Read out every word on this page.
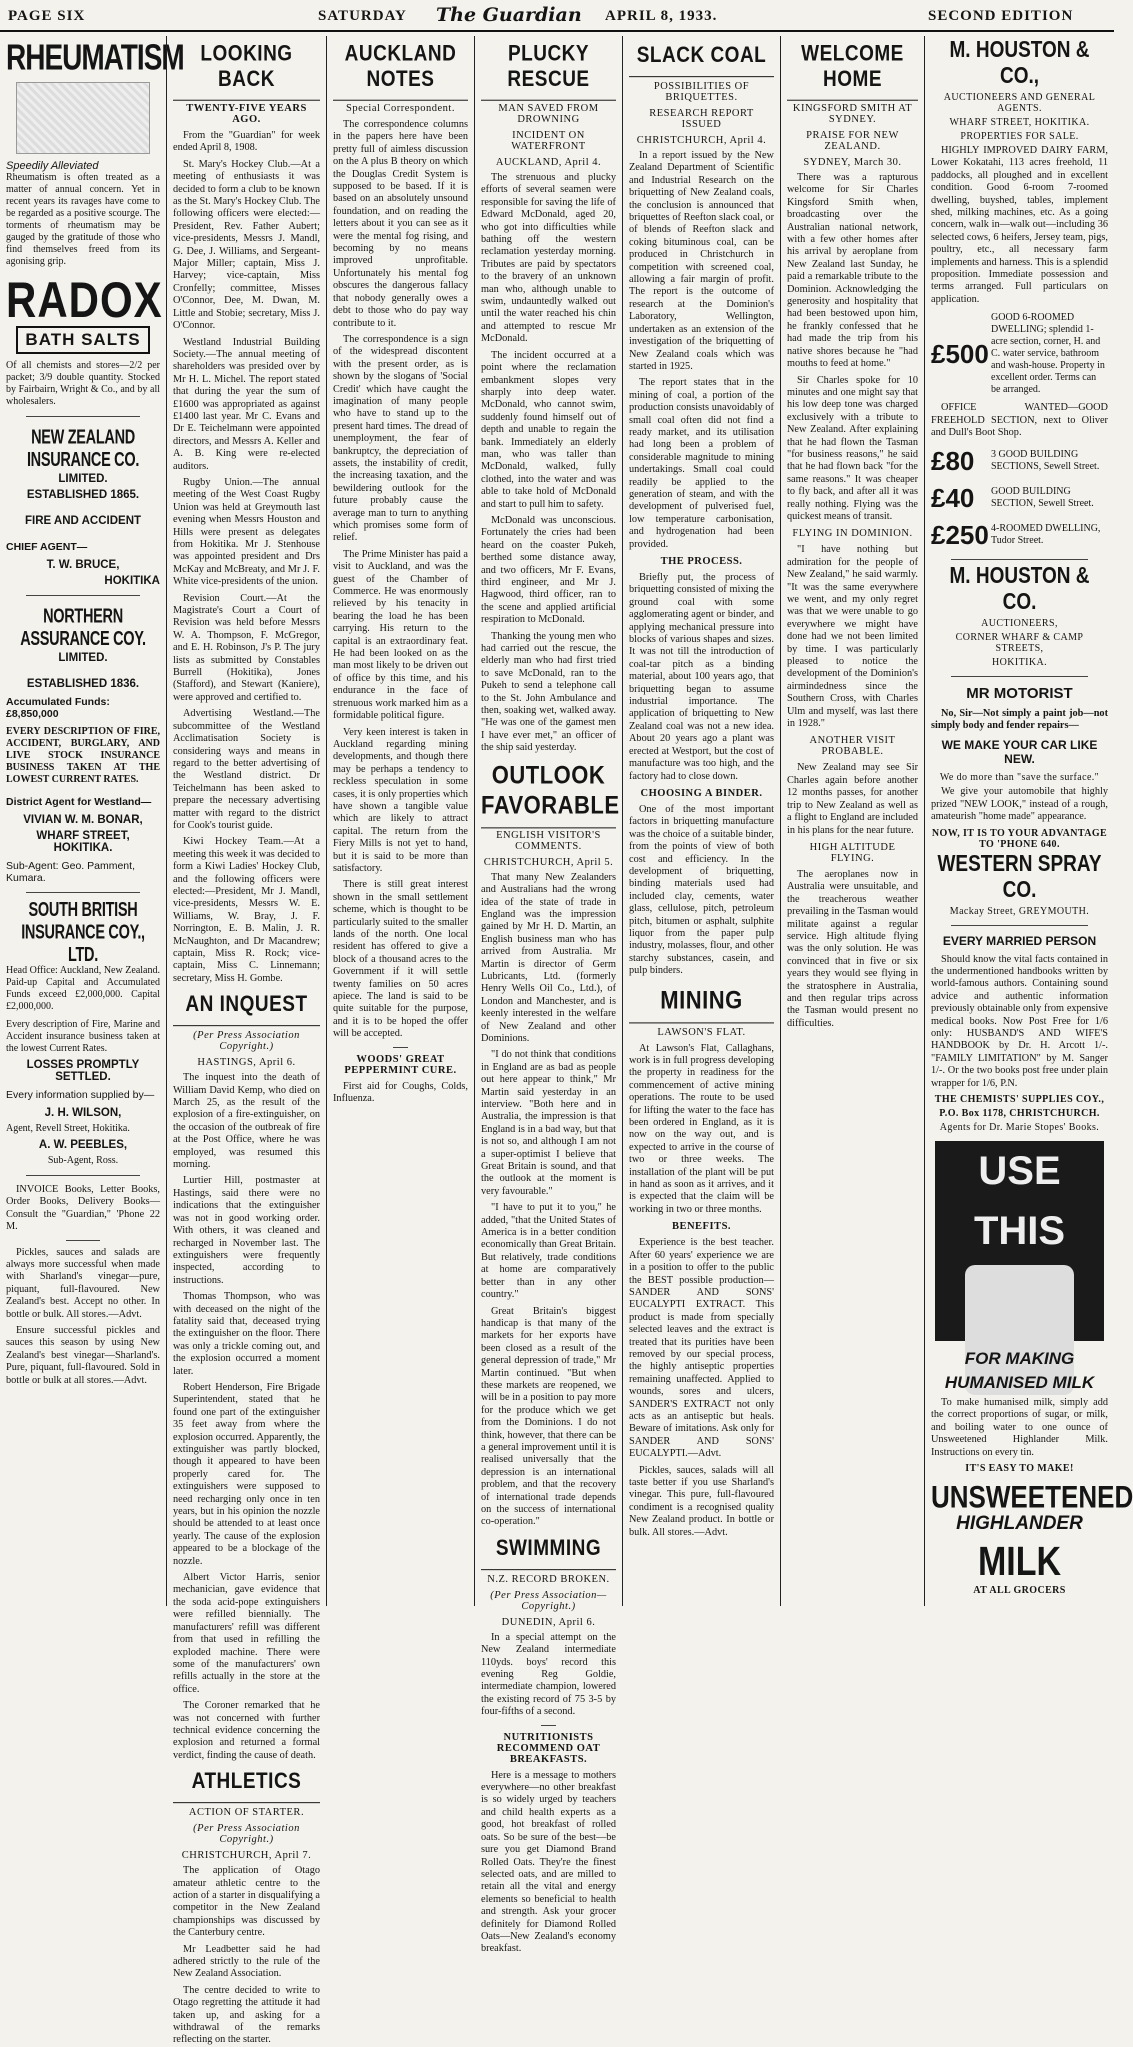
PAGE SIX	SATURDAY The Guardian APRIL 8, 1933.	SECOND EDITION
RHEUMATISM
Speedily Alleviated
Rheumatism is often treated as a matter of annual concern. Yet in recent years its ravages have come to be regarded as a positive scourge. The torments of rheumatism may be gauged by the gratitude of those who find themselves freed from its agonising grip.
RADOX
BATH SALTS
Of all chemists and stores—2/2 per packet; 3/9 double quantity. Stocked by Fairbairn, Wright & Co., and by all wholesalers.
NEW ZEALAND INSURANCE CO.
LIMITED.
ESTABLISHED 1865.
FIRE AND ACCIDENT
CHIEF AGENT—
T. W. BRUCE,
HOKITIKA
NORTHERN ASSURANCE COY.
LIMITED.
ESTABLISHED 1836.
Accumulated Funds: £8,850,000
EVERY DESCRIPTION OF FIRE, ACCIDENT, BURGLARY, AND LIVE STOCK INSURANCE BUSINESS TAKEN AT THE LOWEST CURRENT RATES.
District Agent for Westland—
VIVIAN W. M. BONAR,
WHARF STREET, HOKITIKA.
Sub-Agent: Geo. Pamment, Kumara.
SOUTH BRITISH INSURANCE COY., LTD.
Head Office: Auckland, New Zealand. Paid-up Capital and Accumulated Funds exceed £2,000,000. Capital £2,000,000.
Every description of Fire, Marine and Accident insurance business taken at the lowest Current Rates.
LOSSES PROMPTLY SETTLED.
Every information supplied by—
J. H. WILSON,
Agent, Revell Street, Hokitika.
A. W. PEEBLES,
Sub-Agent, Ross.

INVOICE Books, Letter Books, Order Books, Delivery Books—Consult the "Guardian," 'Phone 22 M.

Pickles, sauces and salads are always more successful when made with Sharland's vinegar—pure, piquant, full-flavoured. New Zealand's best. Accept no other. In bottle or bulk. All stores.—Advt.

Ensure successful pickles and sauces this season by using New Zealand's best vinegar—Sharland's. Pure, piquant, full-flavoured. Sold in bottle or bulk at all stores.—Advt.

LOOKING BACK
TWENTY-FIVE YEARS AGO.

From the "Guardian" for week ended April 8, 1908.

St. Mary's Hockey Club.—At a meeting of enthusiasts it was decided to form a club to be known as the St. Mary's Hockey Club. The following officers were elected:—President, Rev. Father Aubert; vice-presidents, Messrs J. Mandl, G. Dee, J. Williams, and Sergeant-Major Miller; captain, Miss J. Harvey; vice-captain, Miss Cronfelly; committee, Misses O'Connor, Dee, M. Dwan, M. Little and Stobie; secretary, Miss J. O'Connor.

Westland Industrial Building Society.—The annual meeting of shareholders was presided over by Mr H. L. Michel. The report stated that during the year the sum of £1600 was appropriated as against £1400 last year. Mr C. Evans and Dr E. Teichelmann were appointed directors, and Messrs A. Keller and A. B. King were re-elected auditors.

Rugby Union.—The annual meeting of the West Coast Rugby Union was held at Greymouth last evening when Messrs Houston and Hills were present as delegates from Hokitika. Mr J. Stenhouse was appointed president and Drs McKay and McBreaty, and Mr J. F. White vice-presidents of the union.

Revision Court.—At the Magistrate's Court a Court of Revision was held before Messrs W. A. Thompson, F. McGregor, and E. H. Robinson, J's P. The jury lists as submitted by Constables Burrell (Hokitika), Jones (Stafford), and Stewart (Kaniere), were approved and certified to.

Advertising Westland.—The subcommittee of the Westland Acclimatisation Society is considering ways and means in regard to the better advertising of the Westland district. Dr Teichelmann has been asked to prepare the necessary advertising matter with regard to the district for Cook's tourist guide.

Kiwi Hockey Team.—At a meeting this week it was decided to form a Kiwi Ladies' Hockey Club, and the following officers were elected:—President, Mr J. Mandl, vice-presidents, Messrs W. E. Williams, W. Bray, J. F. Norrington, E. B. Malin, J. R. McNaughton, and Dr Macandrew; captain, Miss R. Rock; vice-captain, Miss C. Linnemann; secretary, Miss H. Gombe.

AN INQUEST
(Per Press Association Copyright.)
HASTINGS, April 6.

The inquest into the death of William David Kemp, who died on March 25, as the result of the explosion of a fire-extinguisher, on the occasion of the outbreak of fire at the Post Office, where he was employed, was resumed this morning.

Lurtier Hill, postmaster at Hastings, said there were no indications that the extinguisher was not in good working order. With others, it was cleaned and recharged in November last. The extinguishers were frequently inspected, according to instructions.

Thomas Thompson, who was with deceased on the night of the fatality said that, deceased trying the extinguisher on the floor. There was only a trickle coming out, and the explosion occurred a moment later.

Robert Henderson, Fire Brigade Superintendent, stated that he found one part of the extinguisher 35 feet away from where the explosion occurred. Apparently, the extinguisher was partly blocked, though it appeared to have been properly cared for. The extinguishers were supposed to need recharging only once in ten years, but in his opinion the nozzle should be attended to at least once yearly. The cause of the explosion appeared to be a blockage of the nozzle.

Albert Victor Harris, senior mechanician, gave evidence that the soda acid-pope extinguishers were refilled biennially. The manufacturers' refill was different from that used in refilling the exploded machine. There were some of the manufacturers' own refills actually in the store at the office.

The Coroner remarked that he was not concerned with further technical evidence concerning the explosion and returned a formal verdict, finding the cause of death.

ATHLETICS
ACTION OF STARTER.
(Per Press Association Copyright.)
CHRISTCHURCH, April 7.

The application of Otago amateur athletic centre to the action of a starter in disqualifying a competitor in the New Zealand championships was discussed by the Canterbury centre.

Mr Leadbetter said he had adhered strictly to the rule of the New Zealand Association.

The centre decided to write to Otago regretting the attitude it had taken up, and asking for a withdrawal of the remarks reflecting on the starter.

AUCKLAND NOTES
Special Correspondent.

The correspondence columns in the papers here have been pretty full of aimless discussion on the A plus B theory on which the Douglas Credit System is supposed to be based. If it is based on an absolutely unsound foundation, and on reading the letters about it you can see as it were the mental fog rising, and becoming by no means improved unprofitable. Unfortunately his mental fog obscures the dangerous fallacy that nobody generally owes a debt to those who do pay way contribute to it.

The correspondence is a sign of the widespread discontent with the present order, as is shown by the slogans of 'Social Credit' which have caught the imagination of many people who have to stand up to the present hard times. The dread of unemployment, the fear of bankruptcy, the depreciation of assets, the instability of credit, the increasing taxation, and the bewildering outlook for the future probably cause the average man to turn to anything which promises some form of relief.

The Prime Minister has paid a visit to Auckland, and was the guest of the Chamber of Commerce. He was enormously relieved by his tenacity in bearing the load he has been carrying. His return to the capital is an extraordinary feat. He had been looked on as the man most likely to be driven out of office by this time, and his endurance in the face of strenuous work marked him as a formidable political figure.

Very keen interest is taken in Auckland regarding mining developments, and though there may be perhaps a tendency to reckless speculation in some cases, it is only properties which have shown a tangible value which are likely to attract capital. The return from the Fiery Mills is not yet to hand, but it is said to be more than satisfactory.

There is still great interest shown in the small settlement scheme, which is thought to be particularly suited to the smaller lands of the north. One local resident has offered to give a block of a thousand acres to the Government if it will settle twenty families on 50 acres apiece. The land is said to be quite suitable for the purpose, and it is to be hoped the offer will be accepted.

WOODS' GREAT PEPPERMINT CURE.

First aid for Coughs, Colds, Influenza.

PLUCKY RESCUE
MAN SAVED FROM DROWNING
INCIDENT ON WATERFRONT
AUCKLAND, April 4.

The strenuous and plucky efforts of several seamen were responsible for saving the life of Edward McDonald, aged 20, who got into difficulties while bathing off the western reclamation yesterday morning. Tributes are paid by spectators to the bravery of an unknown man who, although unable to swim, undauntedly walked out until the water reached his chin and attempted to rescue Mr McDonald.

The incident occurred at a point where the reclamation embankment slopes very sharply into deep water. McDonald, who cannot swim, suddenly found himself out of depth and unable to regain the bank. Immediately an elderly man, who was taller than McDonald, walked, fully clothed, into the water and was able to take hold of McDonald and start to pull him to safety.

McDonald was unconscious. Fortunately the cries had been heard on the coaster Pukeh, berthed some distance away, and two officers, Mr F. Evans, third engineer, and Mr J. Hagwood, third officer, ran to the scene and applied artificial respiration to McDonald.

Thanking the young men who had carried out the rescue, the elderly man who had first tried to save McDonald, ran to the Pukeh to send a telephone call to the St. John Ambulance and then, soaking wet, walked away. "He was one of the gamest men I have ever met," an officer of the ship said yesterday.

OUTLOOK FAVORABLE
ENGLISH VISITOR'S COMMENTS.
CHRISTCHURCH, April 5.

That many New Zealanders and Australians had the wrong idea of the state of trade in England was the impression gained by Mr H. D. Martin, an English business man who has arrived from Australia. Mr Martin is director of Germ Lubricants, Ltd. (formerly Henry Wells Oil Co., Ltd.), of London and Manchester, and is keenly interested in the welfare of New Zealand and other Dominions.

"I do not think that conditions in England are as bad as people out here appear to think," Mr Martin said yesterday in an interview. "Both here and in Australia, the impression is that England is in a bad way, but that is not so, and although I am not a super-optimist I believe that Great Britain is sound, and that the outlook at the moment is very favourable."

"I have to put it to you," he added, "that the United States of America is in a better condition economically than Great Britain. But relatively, trade conditions at home are comparatively better than in any other country."

Great Britain's biggest handicap is that many of the markets for her exports have been closed as a result of the general depression of trade," Mr Martin continued. "But when these markets are reopened, we will be in a position to pay more for the produce which we get from the Dominions. I do not think, however, that there can be a general improvement until it is realised universally that the depression is an international problem, and that the recovery of international trade depends on the success of international co-operation."

SWIMMING
N.Z. RECORD BROKEN.
(Per Press Association—Copyright.)
DUNEDIN, April 6.

In a special attempt on the New Zealand intermediate 110yds. boys' record this evening Reg Goldie, intermediate champion, lowered the existing record of 75 3-5 by four-fifths of a second.

NUTRITIONISTS RECOMMEND OAT BREAKFASTS.

Here is a message to mothers everywhere—no other breakfast is so widely urged by teachers and child health experts as a good, hot breakfast of rolled oats. So be sure of the best—be sure you get Diamond Brand Rolled Oats. They're the finest selected oats, and are milled to retain all the vital and energy elements so beneficial to health and strength. Ask your grocer definitely for Diamond Rolled Oats—New Zealand's economy breakfast.

SLACK COAL
POSSIBILITIES OF BRIQUETTES.
RESEARCH REPORT ISSUED
CHRISTCHURCH, April 4.

In a report issued by the New Zealand Department of Scientific and Industrial Research on the briquetting of New Zealand coals, the conclusion is announced that briquettes of Reefton slack coal, or of blends of Reefton slack and coking bituminous coal, can be produced in Christchurch in competition with screened coal, allowing a fair margin of profit. The report is the outcome of research at the Dominion's Laboratory, Wellington, undertaken as an extension of the investigation of the briquetting of New Zealand coals which was started in 1925.

The report states that in the mining of coal, a portion of the production consists unavoidably of small coal often did not find a ready market, and its utilisation had long been a problem of considerable magnitude to mining undertakings. Small coal could readily be applied to the generation of steam, and with the development of pulverised fuel, low temperature carbonisation, and hydrogenation had been provided.

THE PROCESS.

Briefly put, the process of briquetting consisted of mixing the ground coal with some agglomerating agent or binder, and applying mechanical pressure into blocks of various shapes and sizes. It was not till the introduction of coal-tar pitch as a binding material, about 100 years ago, that briquetting began to assume industrial importance. The application of briquetting to New Zealand coal was not a new idea. About 20 years ago a plant was erected at Westport, but the cost of manufacture was too high, and the factory had to close down.

CHOOSING A BINDER.

One of the most important factors in briquetting manufacture was the choice of a suitable binder, from the points of view of both cost and efficiency. In the development of briquetting, binding materials used had included clay, cements, water glass, cellulose, pitch, petroleum pitch, bitumen or asphalt, sulphite liquor from the paper pulp industry, molasses, flour, and other starchy substances, casein, and pulp binders.

MINING
LAWSON'S FLAT.

At Lawson's Flat, Callaghans, work is in full progress developing the property in readiness for the commencement of active mining operations. The route to be used for lifting the water to the face has been ordered in England, as it is now on the way out, and is expected to arrive in the course of two or three weeks. The installation of the plant will be put in hand as soon as it arrives, and it is expected that the claim will be working in two or three months.

BENEFITS.

Experience is the best teacher. After 60 years' experience we are in a position to offer to the public the BEST possible production—SANDER AND SONS' EUCALYPTI EXTRACT. This product is made from specially selected leaves and the extract is treated that its purities have been removed by our special process, the highly antiseptic properties remaining unaffected. Applied to wounds, sores and ulcers, SANDER'S EXTRACT not only acts as an antiseptic but heals. Beware of imitations. Ask only for SANDER AND SONS' EUCALYPTI.—Advt.

Pickles, sauces, salads will all taste better if you use Sharland's vinegar. This pure, full-flavoured condiment is a recognised quality New Zealand product. In bottle or bulk. All stores.—Advt.

WELCOME HOME
KINGSFORD SMITH AT SYDNEY.
PRAISE FOR NEW ZEALAND.
SYDNEY, March 30.

There was a rapturous welcome for Sir Charles Kingsford Smith when, broadcasting over the Australian national network, with a few other homes after his arrival by aeroplane from New Zealand last Sunday, he paid a remarkable tribute to the Dominion. Acknowledging the generosity and hospitality that had been bestowed upon him, he frankly confessed that he had made the trip from his native shores because he "had mouths to feed at home."

Sir Charles spoke for 10 minutes and one might say that his low deep tone was charged exclusively with a tribute to New Zealand. After explaining that he had flown the Tasman "for business reasons," he said that he had flown back "for the same reasons." It was cheaper to fly back, and after all it was really nothing. Flying was the quickest means of transit.

FLYING IN DOMINION.

"I have nothing but admiration for the people of New Zealand," he said warmly. "It was the same everywhere we went, and my only regret was that we were unable to go everywhere we might have done had we not been limited by time. I was particularly pleased to notice the development of the Dominion's airmindedness since the Southern Cross, with Charles Ulm and myself, was last there in 1928."

ANOTHER VISIT PROBABLE.

New Zealand may see Sir Charles again before another 12 months passes, for another trip to New Zealand as well as a flight to England are included in his plans for the near future.

HIGH ALTITUDE FLYING.

The aeroplanes now in Australia were unsuitable, and the treacherous weather prevailing in the Tasman would militate against a regular service. High altitude flying was the only solution. He was convinced that in five or six years they would see flying in the stratosphere in Australia, and then regular trips across the Tasman would present no difficulties.

M. HOUSTON & CO.,
AUCTIONEERS AND GENERAL AGENTS.
WHARF STREET, HOKITIKA.
PROPERTIES FOR SALE.

HIGHLY IMPROVED DAIRY FARM, Lower Kokatahi, 113 acres freehold, 11 paddocks, all ploughed and in excellent condition. Good 6-room 7-roomed dwelling, buyshed, tables, implement shed, milking machines, etc. As a going concern, walk in—walk out—including 36 selected cows, 6 heifers, Jersey team, pigs, poultry, etc., all necessary farm implements and harness. This is a splendid proposition. Immediate possession and terms arranged. Full particulars on application.

£500
GOOD 6-ROOMED DWELLING; splendid 1-acre section, corner, H. and C. water service, bathroom and wash-house. Property in excellent order. Terms can be arranged.

OFFICE WANTED—GOOD FREEHOLD SECTION, next to Oliver and Dull's Boot Shop.

£80	3 GOOD BUILDING SECTIONS, Sewell Street.
£40	GOOD BUILDING SECTION, Sewell Street.
£250 4-ROOMED DWELLING, Tudor Street.
M. HOUSTON & CO.
AUCTIONEERS,
CORNER WHARF & CAMP STREETS,
HOKITIKA.
MR MOTORIST

No, Sir—Not simply a paint job—not simply body and fender repairs—

WE MAKE YOUR CAR LIKE NEW.
We do more than "save the surface."

We give your automobile that highly prized "NEW LOOK," instead of a rough, amateurish "home made" appearance.

NOW, IT IS TO YOUR ADVANTAGE TO 'PHONE 640.
WESTERN SPRAY CO.
Mackay Street, GREYMOUTH.
EVERY MARRIED PERSON

Should know the vital facts contained in the undermentioned handbooks written by world-famous authors. Containing sound advice and authentic information previously obtainable only from expensive medical books. Now Post Free for 1/6 only: HUSBAND'S AND WIFE'S HANDBOOK by Dr. H. Arcott 1/-. "FAMILY LIMITATION" by M. Sanger 1/-. Or the two books post free under plain wrapper for 1/6, P.N.

THE CHEMISTS' SUPPLIES COY.,
P.O. Box 1178, CHRISTCHURCH.
Agents for Dr. Marie Stopes' Books.
USE THIS
FOR MAKING
HUMANISED MILK

To make humanised milk, simply add the correct proportions of sugar, or milk, and boiling water to one ounce of Unsweetened Highlander Milk. Instructions on every tin.

IT'S EASY TO MAKE!
UNSWEETENED
HIGHLANDER
MILK
AT ALL GROCERS
